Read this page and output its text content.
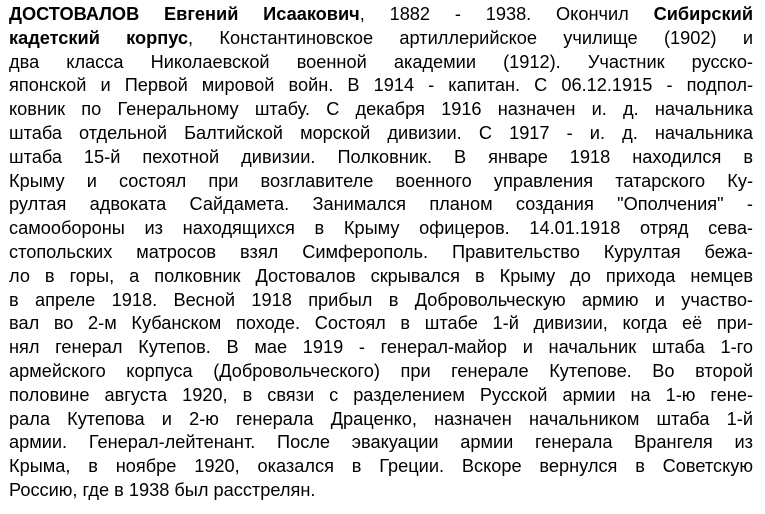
ДОСТОВАЛОВ Евгений Исаакович, 1882 - 1938. Окончил Сибирский
кадетский корпус, Константиновское артиллерийское училище (1902) и
два класса Николаевской военной академии (1912). Участник русско-
японской и Первой мировой войн. В 1914 - капитан. С 06.12.1915 - подпол-
ковник по Генеральному штабу. С декабря 1916 назначен и. д. начальника
штаба отдельной Балтийской морской дивизии. С 1917 - и. д. начальника
штаба 15-й пехотной дивизии. Полковник. В январе 1918 находился в
Крыму и состоял при возглавителе военного управления татарского Ку-
рултая адвоката Сайдамета. Занимался планом создания "Ополчения" -
самообороны из находящихся в Крыму офицеров. 14.01.1918 отряд сева-
стопольских матросов взял Симферополь. Правительство Курултая бежа-
ло в горы, а полковник Достовалов скрывался в Крыму до прихода немцев
в апреле 1918. Весной 1918 прибыл в Добровольческую армию и участво-
вал во 2-м Кубанском походе. Состоял в штабе 1-й дивизии, когда её при-
нял генерал Кутепов. В мае 1919 - генерал-майор и начальник штаба 1-го
армейского корпуса (Добровольческого) при генерале Кутепове. Во второй
половине августа 1920, в связи с разделением Русской армии на 1-ю гене-
рала Кутепова и 2-ю генерала Драценко, назначен начальником штаба 1-й
армии. Генерал-лейтенант. После эвакуации армии генерала Врангеля из
Крыма, в ноябре 1920, оказался в Греции. Вскоре вернулся в Советскую
Россию, где в 1938 был расстрелян.
